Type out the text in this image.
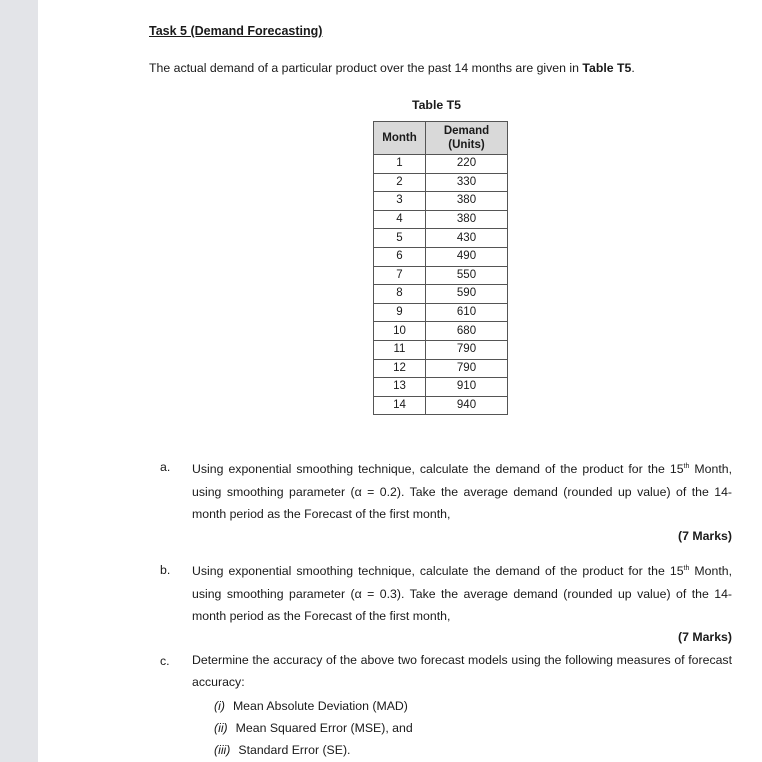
Task 5 (Demand Forecasting)
The actual demand of a particular product over the past 14 months are given in Table T5.
Table T5
Month	Demand (Units)
1	220
2	330
3	380
4	380
5	430
6	490
7	550
8	590
9	610
10	680
11	790
12	790
13	910
14	940
a. Using exponential smoothing technique, calculate the demand of the product for the 15th Month, using smoothing parameter (α = 0.2). Take the average demand (rounded up value) of the 14-month period as the Forecast of the first month,
(7 Marks)
b. Using exponential smoothing technique, calculate the demand of the product for the 15th Month, using smoothing parameter (α = 0.3). Take the average demand (rounded up value) of the 14-month period as the Forecast of the first month,
(7 Marks)
c. Determine the accuracy of the above two forecast models using the following measures of forecast accuracy:
(i) Mean Absolute Deviation (MAD)
(ii) Mean Squared Error (MSE), and
(iii) Standard Error (SE).
